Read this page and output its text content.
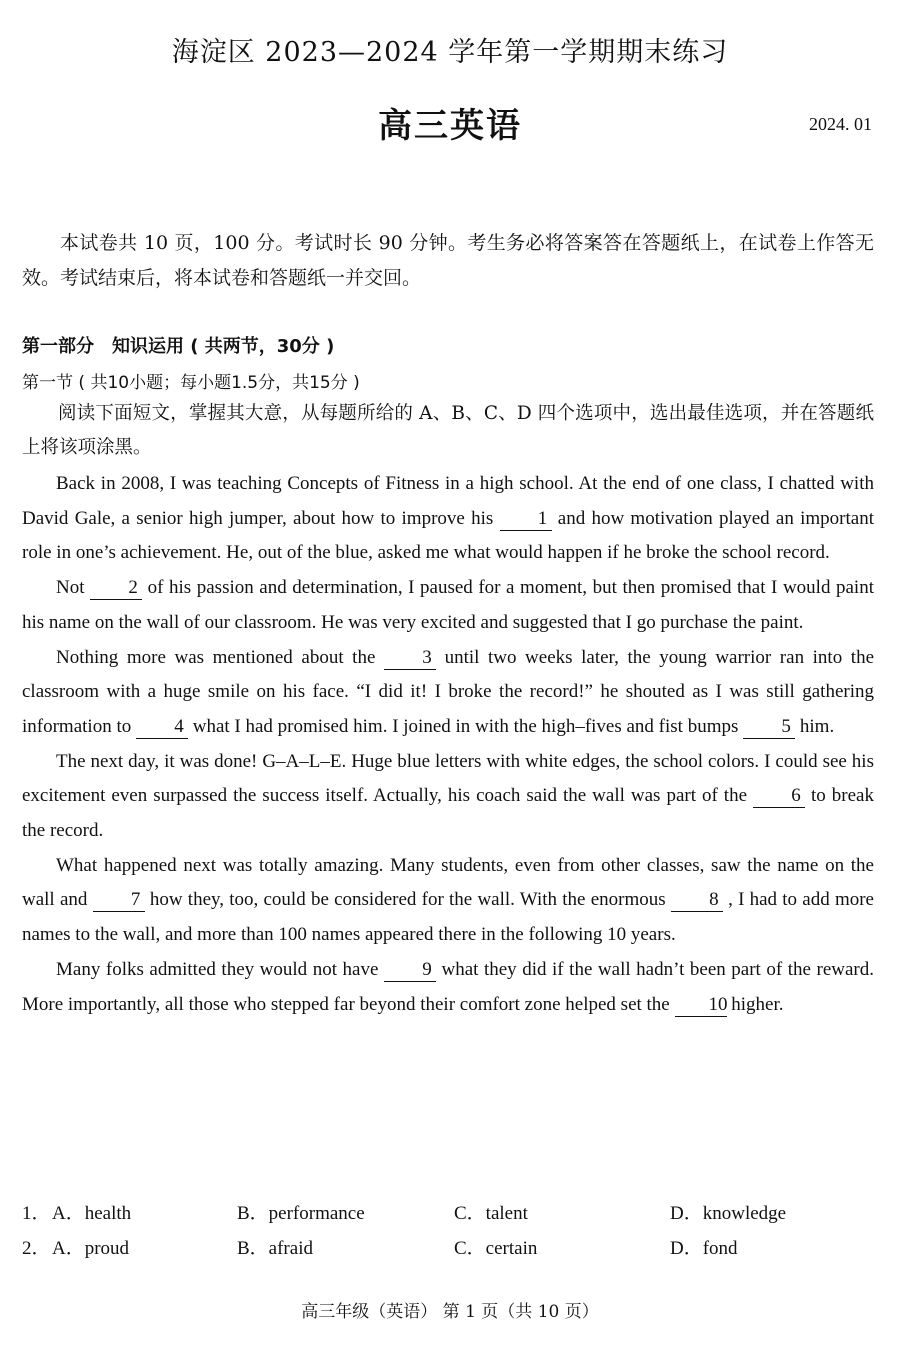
海淀区 2023—2024 学年第一学期期末练习
高三英语	2024. 01
本试卷共 10 页，100 分。考试时长 90 分钟。考生务必将答案答在答题纸上，在试卷上作答无效。考试结束后，将本试卷和答题纸一并交回。
第一部分 知识运用 ( 共两节，30分 )
第一节 ( 共10小题；每小题1.5分，共15分 )
阅读下面短文，掌握其大意，从每题所给的 A、B、C、D 四个选项中，选出最佳选项，并在答题纸上将该项涂黑。

Back in 2008, I was teaching Concepts of Fitness in a high school. At the end of one class, I chatted with David Gale, a senior high jumper, about how to improve his 1 and how motivation played an important role in one’s achievement. He, out of the blue, asked me what would happen if he broke the school record.

Not 2 of his passion and determination, I paused for a moment, but then promised that I would paint his name on the wall of our classroom. He was very excited and suggested that I go purchase the paint.

Nothing more was mentioned about the 3 until two weeks later, the young warrior ran into the classroom with a huge smile on his face. “I did it! I broke the record!” he shouted as I was still gathering information to 4 what I had promised him. I joined in with the high–fives and fist bumps 5 him.

The next day, it was done! G–A–L–E. Huge blue letters with white edges, the school colors. I could see his excitement even surpassed the success itself. Actually, his coach said the wall was part of the 6 to break the record.

What happened next was totally amazing. Many students, even from other classes, saw the name on the wall and 7 how they, too, could be considered for the wall. With the enormous 8 , I had to add more names to the wall, and more than 100 names appeared there in the following 10 years.

Many folks admitted they would not have 9 what they did if the wall hadn’t been part of the reward. More importantly, all those who stepped far beyond their comfort zone helped set the 10 higher.

1． A．health	B．performance	C．talent	D．knowledge
2． A．proud	B．afraid	C．certain	D．fond
高三年级（英语） 第 1 页（共 10 页）
